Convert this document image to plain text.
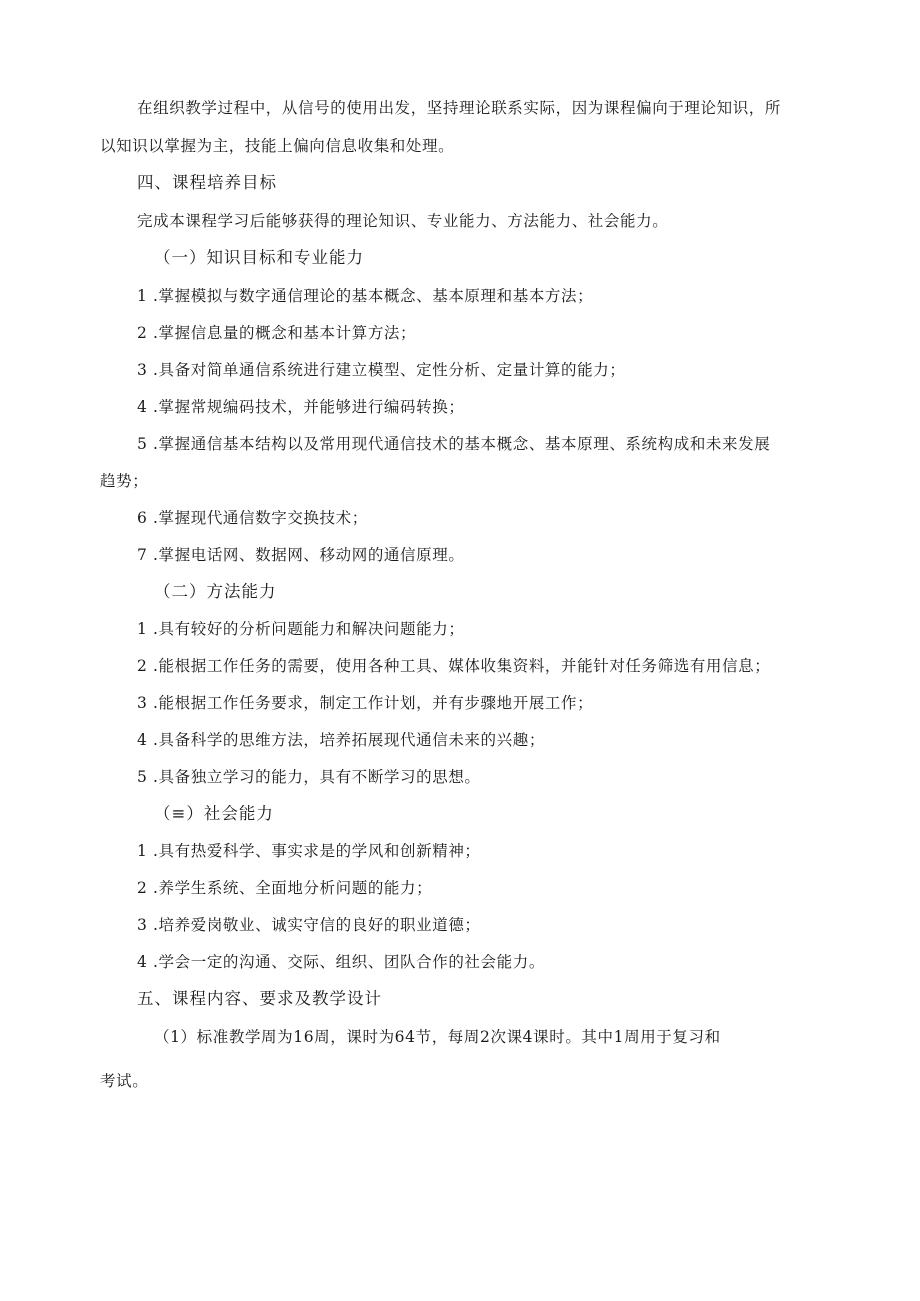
在组织教学过程中，从信号的使用出发，坚持理论联系实际，因为课程偏向于理论知识，所
以知识以掌握为主，技能上偏向信息收集和处理。
四、课程培养目标
完成本课程学习后能够获得的理论知识、专业能力、方法能力、社会能力。
（一）知识目标和专业能力
1 .掌握模拟与数字通信理论的基本概念、基本原理和基本方法；
2 .掌握信息量的概念和基本计算方法；
3 .具备对简单通信系统进行建立模型、定性分析、定量计算的能力；
4 .掌握常规编码技术，并能够进行编码转换；
5 .掌握通信基本结构以及常用现代通信技术的基本概念、基本原理、系统构成和未来发展
趋势；
6 .掌握现代通信数字交换技术；
7 .掌握电话网、数据网、移动网的通信原理。
（二）方法能力
1 .具有较好的分析问题能力和解决问题能力；
2 .能根据工作任务的需要，使用各种工具、媒体收集资料，并能针对任务筛选有用信息；
3 .能根据工作任务要求，制定工作计划，并有步骤地开展工作；
4 .具备科学的思维方法，培养拓展现代通信未来的兴趣；
5 .具备独立学习的能力，具有不断学习的思想。
（≡）社会能力
1 .具有热爱科学、事实求是的学风和创新精神；
2 .养学生系统、全面地分析问题的能力；
3 .培养爱岗敬业、诚实守信的良好的职业道德；
4 .学会一定的沟通、交际、组织、团队合作的社会能力。
五、课程内容、要求及教学设计
（1）标准教学周为16周，课时为64节，每周2次课4课时。其中1周用于复习和
考试。
